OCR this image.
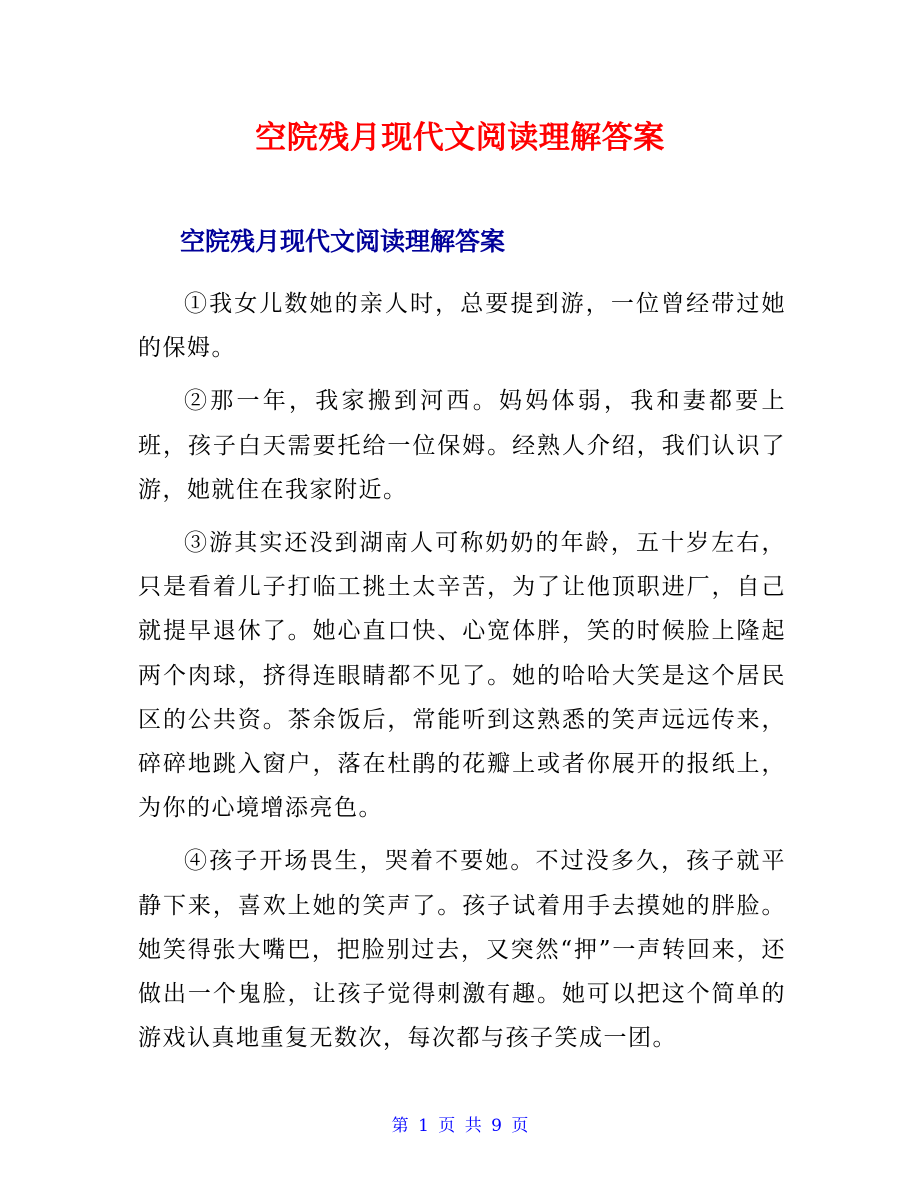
空院残月现代文阅读理解答案
空院残月现代文阅读理解答案

①我女儿数她的亲人时，总要提到游，一位曾经带过她的保姆。

②那一年，我家搬到河西。妈妈体弱，我和妻都要上班，孩子白天需要托给一位保姆。经熟人介绍，我们认识了游，她就住在我家附近。

③游其实还没到湖南人可称奶奶的年龄，五十岁左右，只是看着儿子打临工挑土太辛苦，为了让他顶职进厂，自己就提早退休了。她心直口快、心宽体胖，笑的时候脸上隆起两个肉球，挤得连眼睛都不见了。她的哈哈大笑是这个居民区的公共资。茶余饭后，常能听到这熟悉的笑声远远传来，碎碎地跳入窗户，落在杜鹃的花瓣上或者你展开的报纸上，为你的心境增添亮色。

④孩子开场畏生，哭着不要她。不过没多久，孩子就平静下来，喜欢上她的笑声了。孩子试着用手去摸她的胖脸。她笑得张大嘴巴，把脸别过去，又突然“押”一声转回来，还做出一个鬼脸，让孩子觉得刺激有趣。她可以把这个简单的游戏认真地重复无数次，每次都与孩子笑成一团。

第 1 页 共 9 页
